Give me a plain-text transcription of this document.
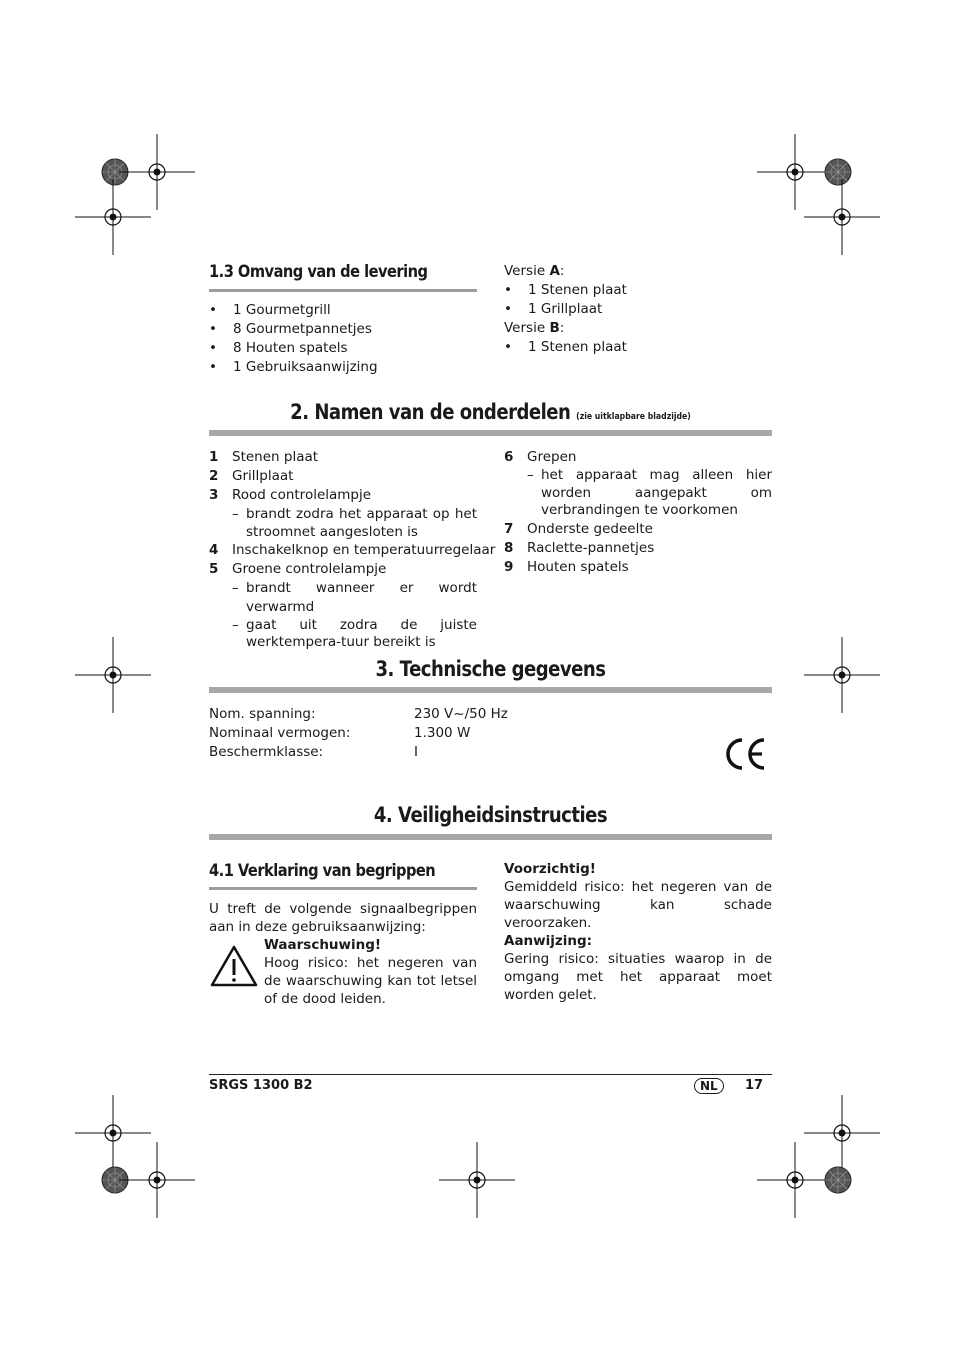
1.3 Omvang van de levering
• 1 Gourmetgrill
• 8 Gourmetpannetjes
• 8 Houten spatels
• 1 Gebruiksaanwijzing
Versie A:
• 1 Stenen plaat
• 1 Grillplaat
Versie B:
• 1 Stenen plaat
2. Namen van de onderdelen (zie uitklapbare bladzijde)
1	Stenen plaat
2	Grillplaat
3	Rood controlelampje
– brandt zodra het apparaat op het stroomnet aangesloten is
4	Inschakelknop en temperatuurregelaar
5	Groene controlelampje
– brandt wanneer er wordt verwarmd
– gaat uit zodra de juiste werktempera-tuur bereikt is
6	Grepen
– het apparaat mag alleen hier worden aangepakt om verbrandingen te voorkomen
7	Onderste gedeelte
8	Raclette-pannetjes
9	Houten spatels
3. Technische gegevens
Nom. spanning:	230 V~/50 Hz
Nominaal vermogen:	1.300 W
Beschermklasse:	I
4. Veiligheidsinstructies
4.1 Verklaring van begrippen
U treft de volgende signaalbegrippen aan in deze gebruiksaanwijzing:
Waarschuwing!
Hoog risico: het negeren van de waarschuwing kan tot letsel of de dood leiden.
Voorzichtig!
Gemiddeld risico: het negeren van de waarschuwing kan schade veroorzaken.
Aanwijzing:
Gering risico: situaties waarop in de omgang met het apparaat moet worden gelet.
SRGS 1300 B2	NL	17
